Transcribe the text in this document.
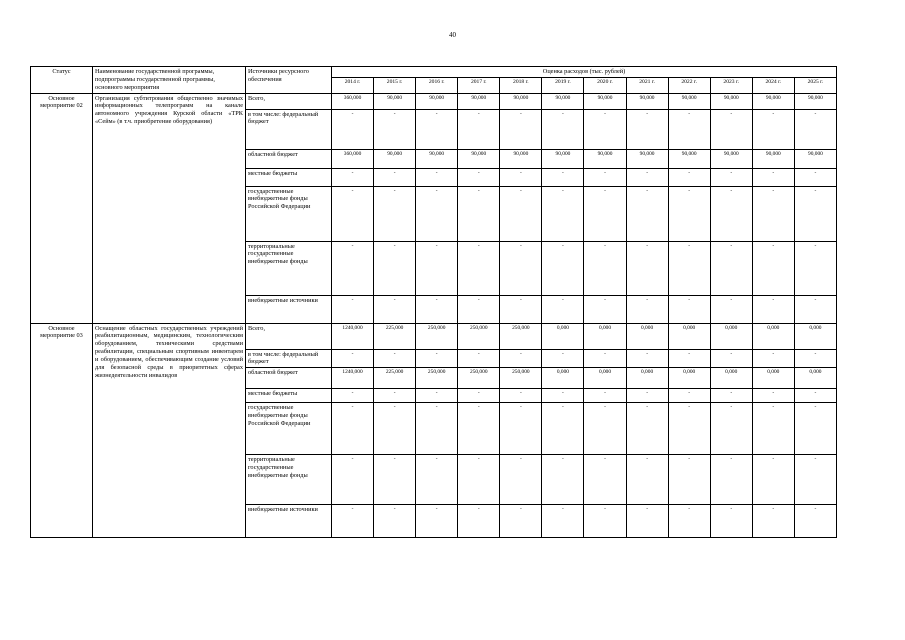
40
Статус	Наименование государственной программы, подпрограммы государственной программы, основного мероприятия	Источники ресурсного обеспечения	Оценка расходов (тыс. рублей)											
			2014 г.	2015 г.	2016 г.	2017 г.	2018 г.	2019 г.	2020 г.	2021 г.	2022 г.	2023 г.	2024 г.	2025 г.
Основное мероприятие 02	Организация субтитрования общественно значимых информационных телепрограмм на канале автономного учреждения Курской области «ТРК «Сейм» (в т.ч. приобретение оборудования)	Всего,	360,000	90,000	90,000	90,000	90,000	90,000	90,000	90,000	90,000	90,000	90,000	90,000
		в том числе: федеральный бюджет	-	-	-	-	-	-	-	-	-	-	-	-
		областной бюджет	360,000	90,000	90,000	90,000	90,000	90,000	90,000	90,000	90,000	90,000	90,000	90,000
		местные бюджеты	-	-	-	-	-	-	-	-	-	-	-	-
		государственные внебюджетные фонды Российской Федерации	-	-	-	-	-	-	-	-	-	-	-	-
		территориальные государственные внебюджетные фонды	-	-	-	-	-	-	-	-	-	-	-	-
		внебюджетные источники	-	-	-	-	-	-	-	-	-	-	-	-
Основное мероприятие 03	Оснащение областных государственных учреждений реабилитационным, медицинским, технологическим оборудованием, техническими средствами реабилитации, специальным спортивным инвентарем и оборудованием, обеспечивающим создание условий для безопасной среды в приоритетных сферах жизнедеятельности инвалидов	Всего,	1240,000	225,000	250,000	250,000	250,000	0,000	0,000	0,000	0,000	0,000	0,000	0,000
		в том числе: федеральный бюджет	-	-	-	-	-	-	-	-	-	-	-	-
		областной бюджет	1240,000	225,000	250,000	250,000	250,000	0,000	0,000	0,000	0,000	0,000	0,000	0,000
		местные бюджеты	-	-	-	-	-	-	-	-	-	-	-	-
		государственные внебюджетные фонды Российской Федерации	-	-	-	-	-	-	-	-	-	-	-	-
		территориальные государственные внебюджетные фонды	-	-	-	-	-	-	-	-	-	-	-	-
		внебюджетные источники	-	-	-	-	-	-	-	-	-	-	-	-
